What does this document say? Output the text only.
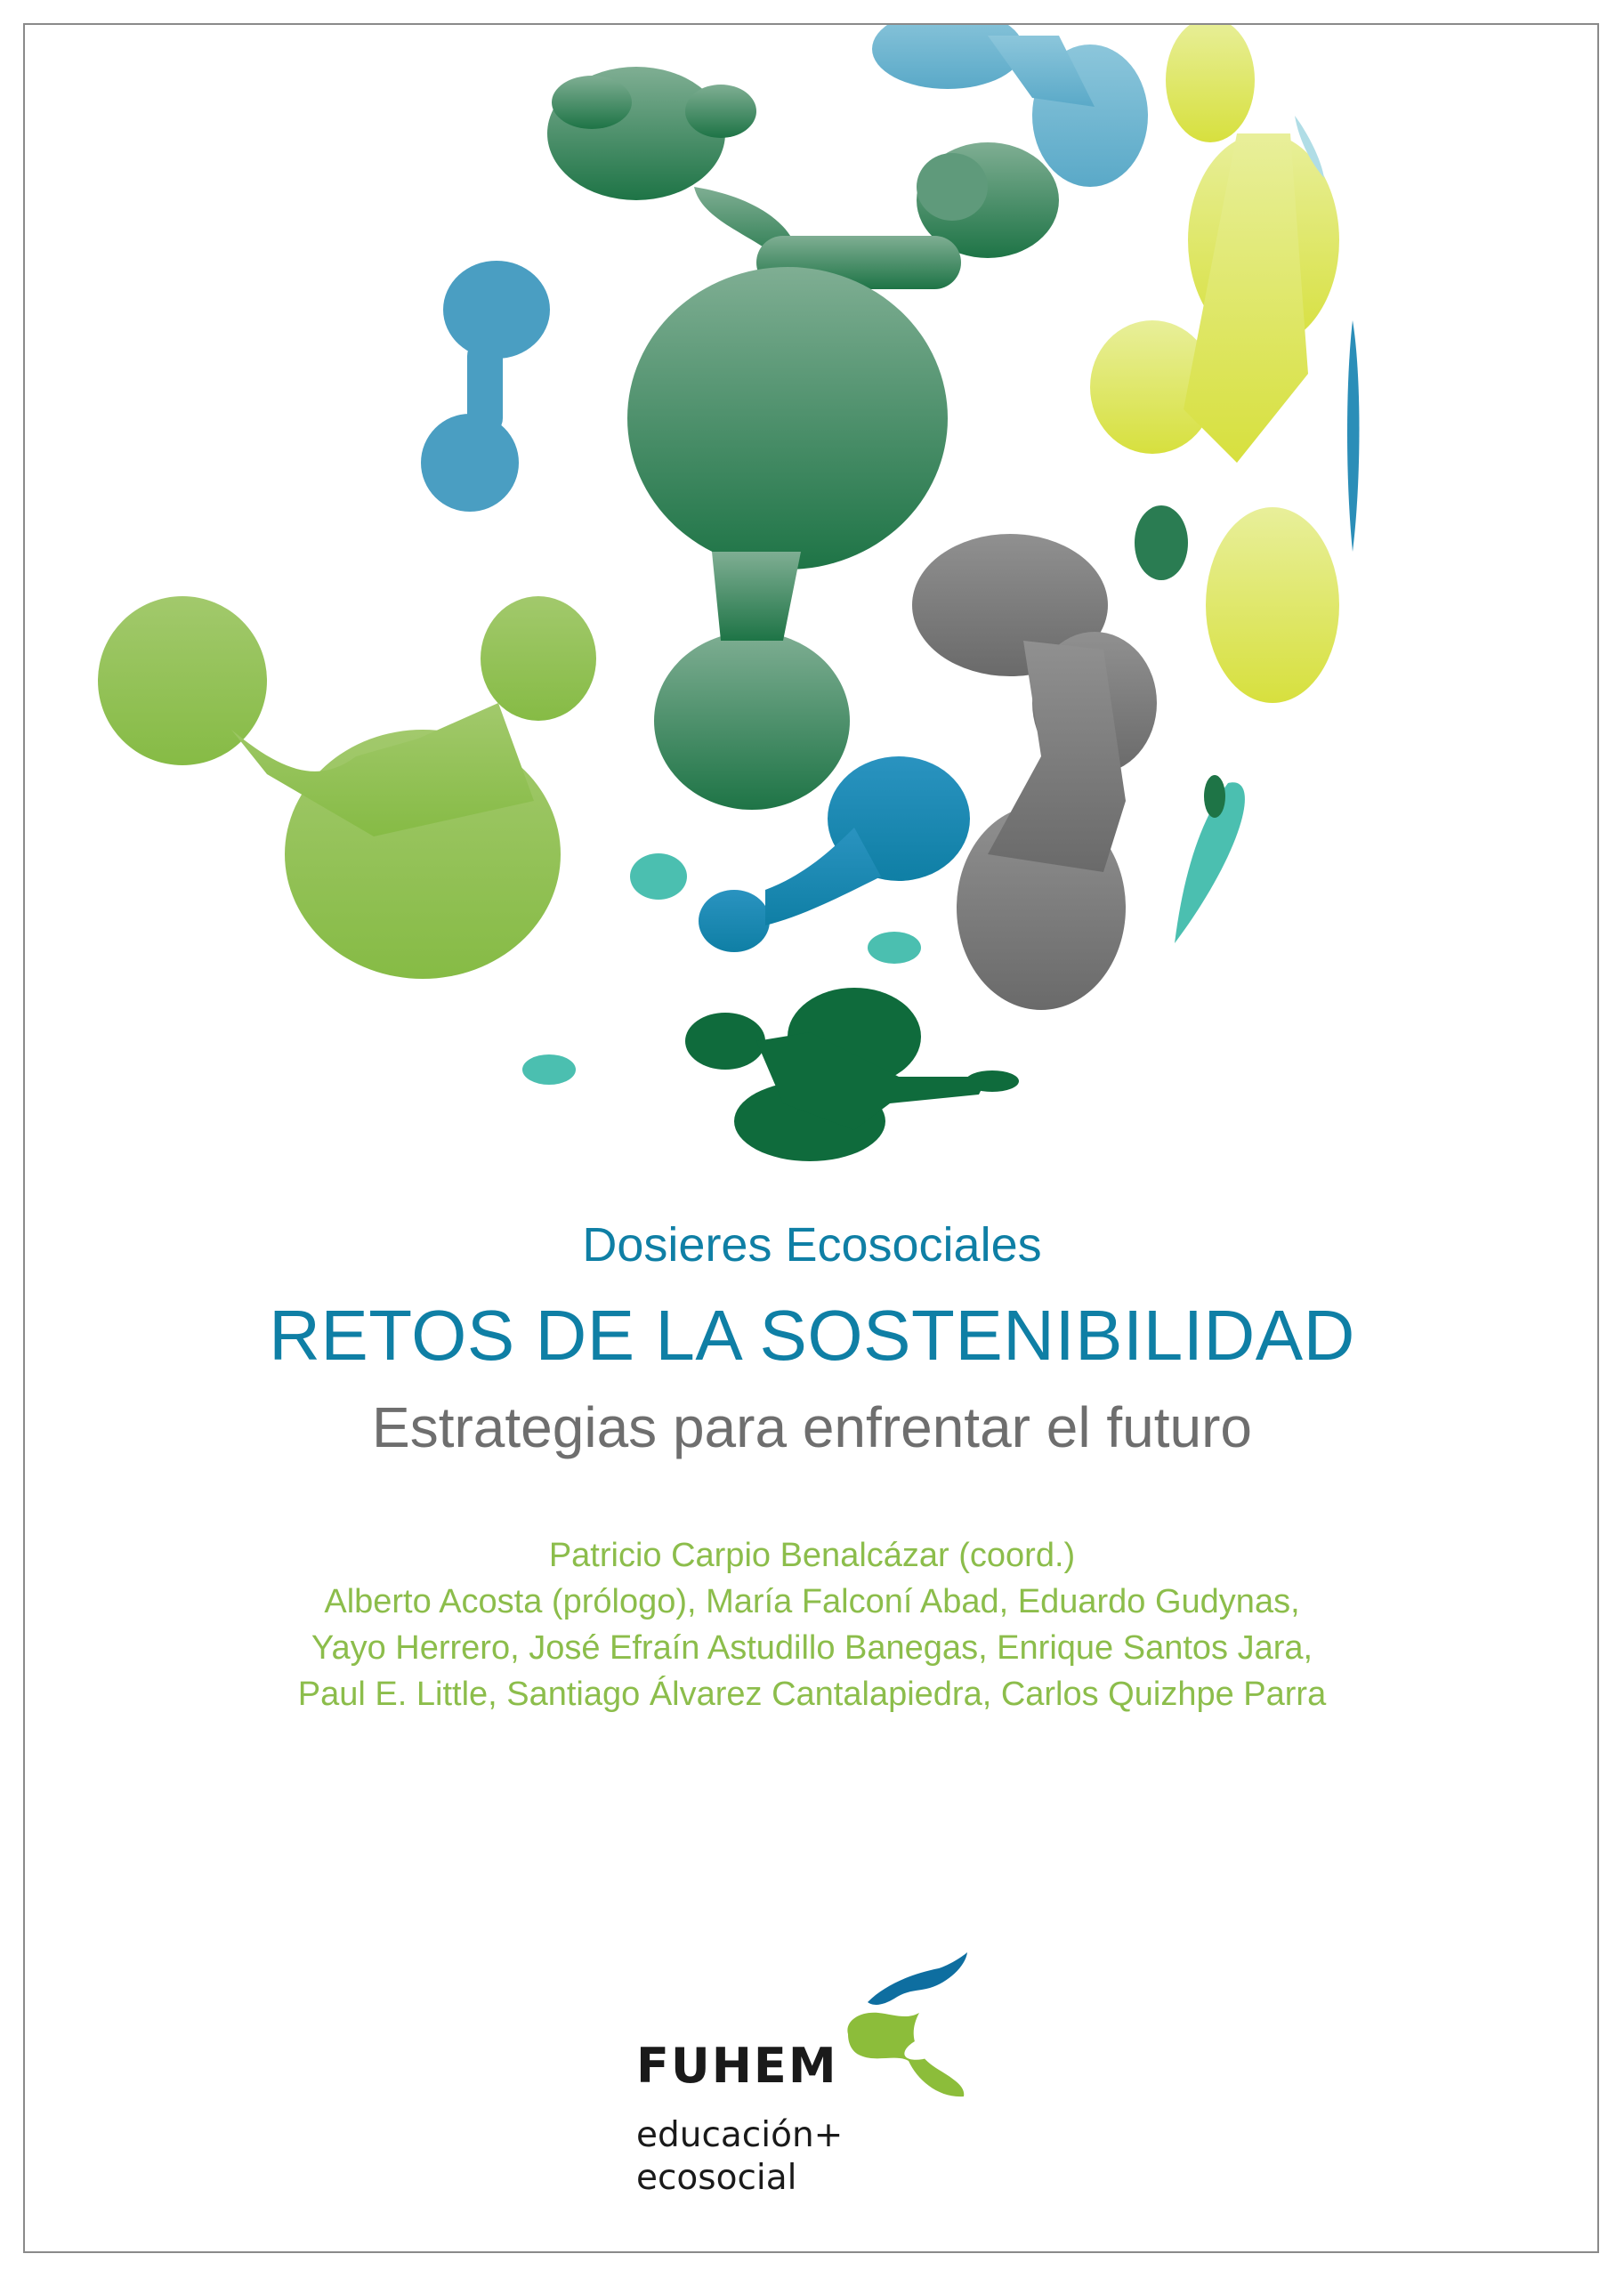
Dosieres Ecosociales
RETOS DE LA SOSTENIBILIDAD
Estrategias para enfrentar el futuro
Patricio Carpio Benalcázar (coord.)
Alberto Acosta (prólogo), María Falconí Abad, Eduardo Gudynas,
Yayo Herrero, José Efraín Astudillo Banegas, Enrique Santos Jara,
Paul E. Little, Santiago Álvarez Cantalapiedra, Carlos Quizhpe Parra
FUHEM
educación+
ecosocial
